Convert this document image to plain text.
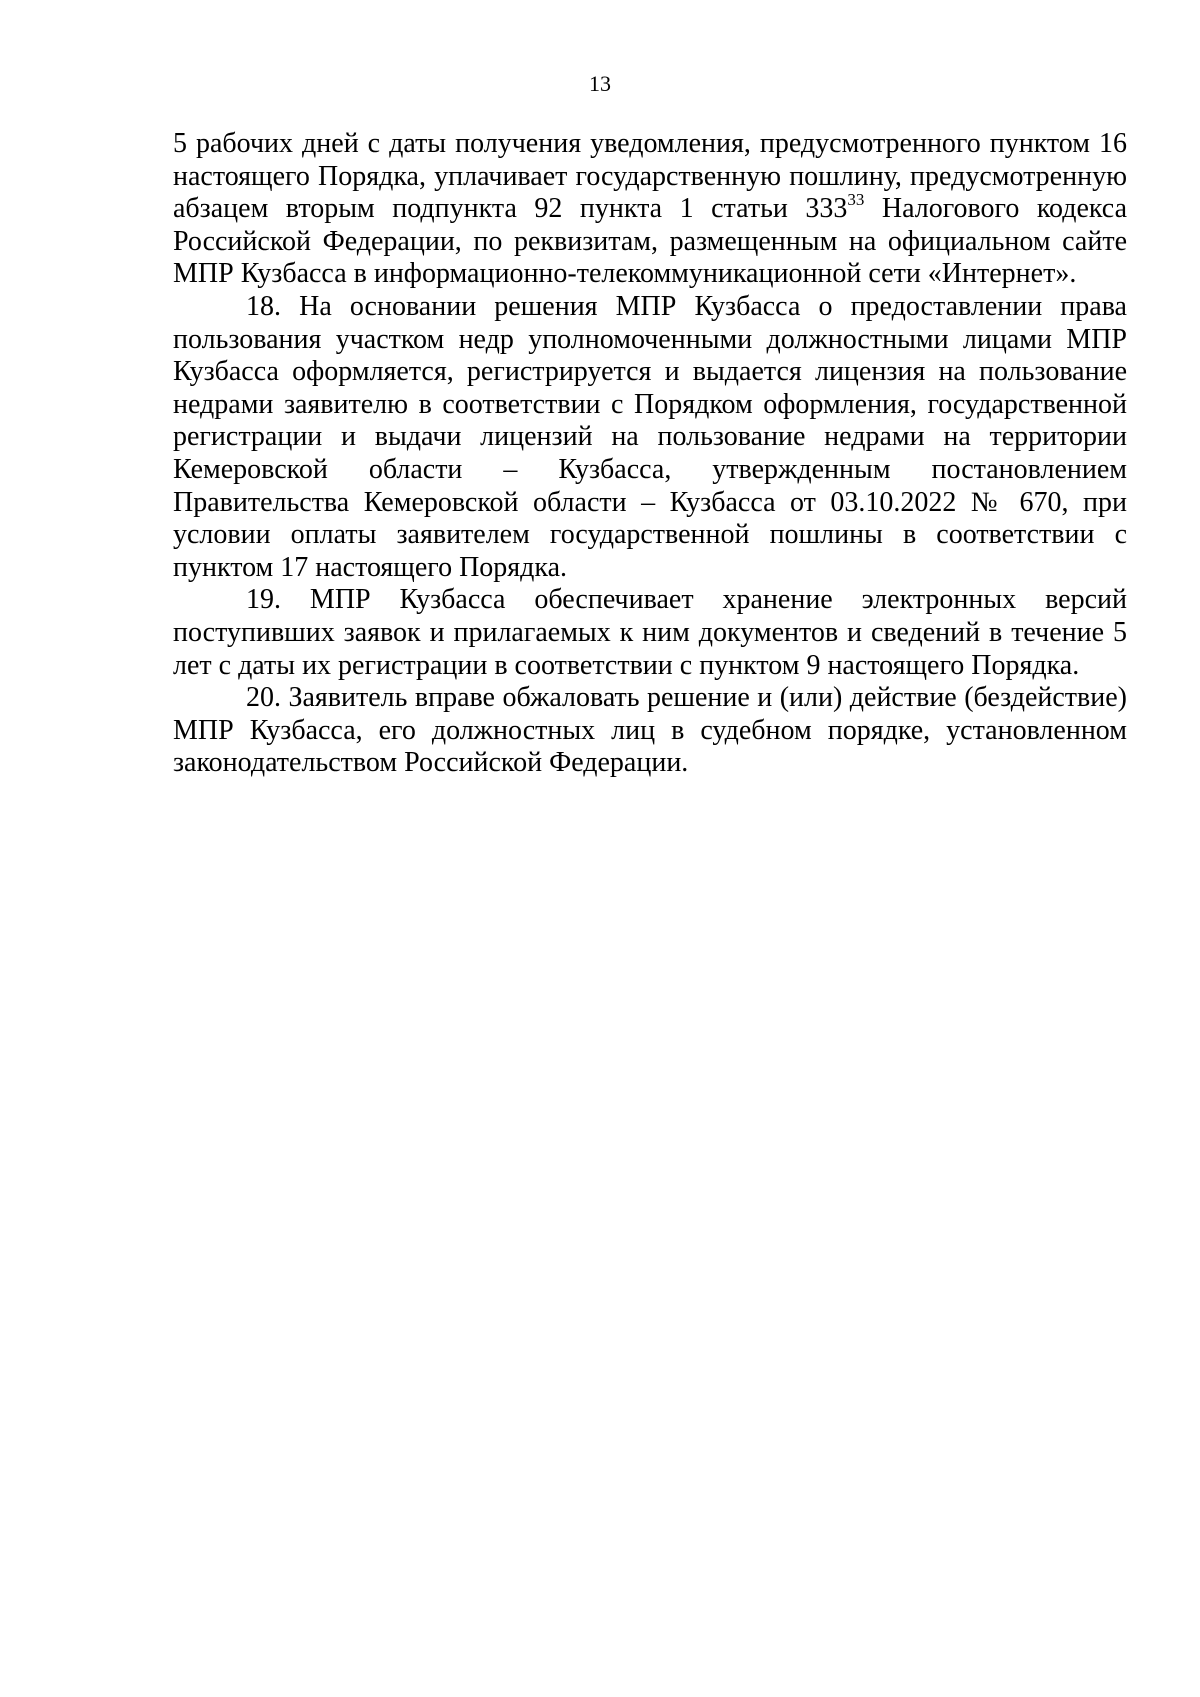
13

5 рабочих дней с даты получения уведомления, предусмотренного пунктом 16 настоящего Порядка, уплачивает государственную пошлину, предусмотренную абзацем вторым подпункта 92 пункта 1 статьи $333^{33}$ Налогового кодекса Российской Федерации, по реквизитам, размещенным на официальном сайте МПР Кузбасса в информационно-телекоммуникационной сети «Интернет».

18. На основании решения МПР Кузбасса о предоставлении права пользования участком недр уполномоченными должностными лицами МПР Кузбасса оформляется, регистрируется и выдается лицензия на пользование недрами заявителю в соответствии с Порядком оформления, государственной регистрации и выдачи лицензий на пользование недрами на территории Кемеровской области – Кузбасса, утвержденным постановлением Правительства Кемеровской области – Кузбасса от 03.10.2022 № 670, при условии оплаты заявителем государственной пошлины в соответствии с пунктом 17 настоящего Порядка.

19. МПР Кузбасса обеспечивает хранение электронных версий поступивших заявок и прилагаемых к ним документов и сведений в течение 5 лет с даты их регистрации в соответствии с пунктом 9 настоящего Порядка.

20. Заявитель вправе обжаловать решение и (или) действие (бездействие) МПР Кузбасса, его должностных лиц в судебном порядке, установленном законодательством Российской Федерации.
